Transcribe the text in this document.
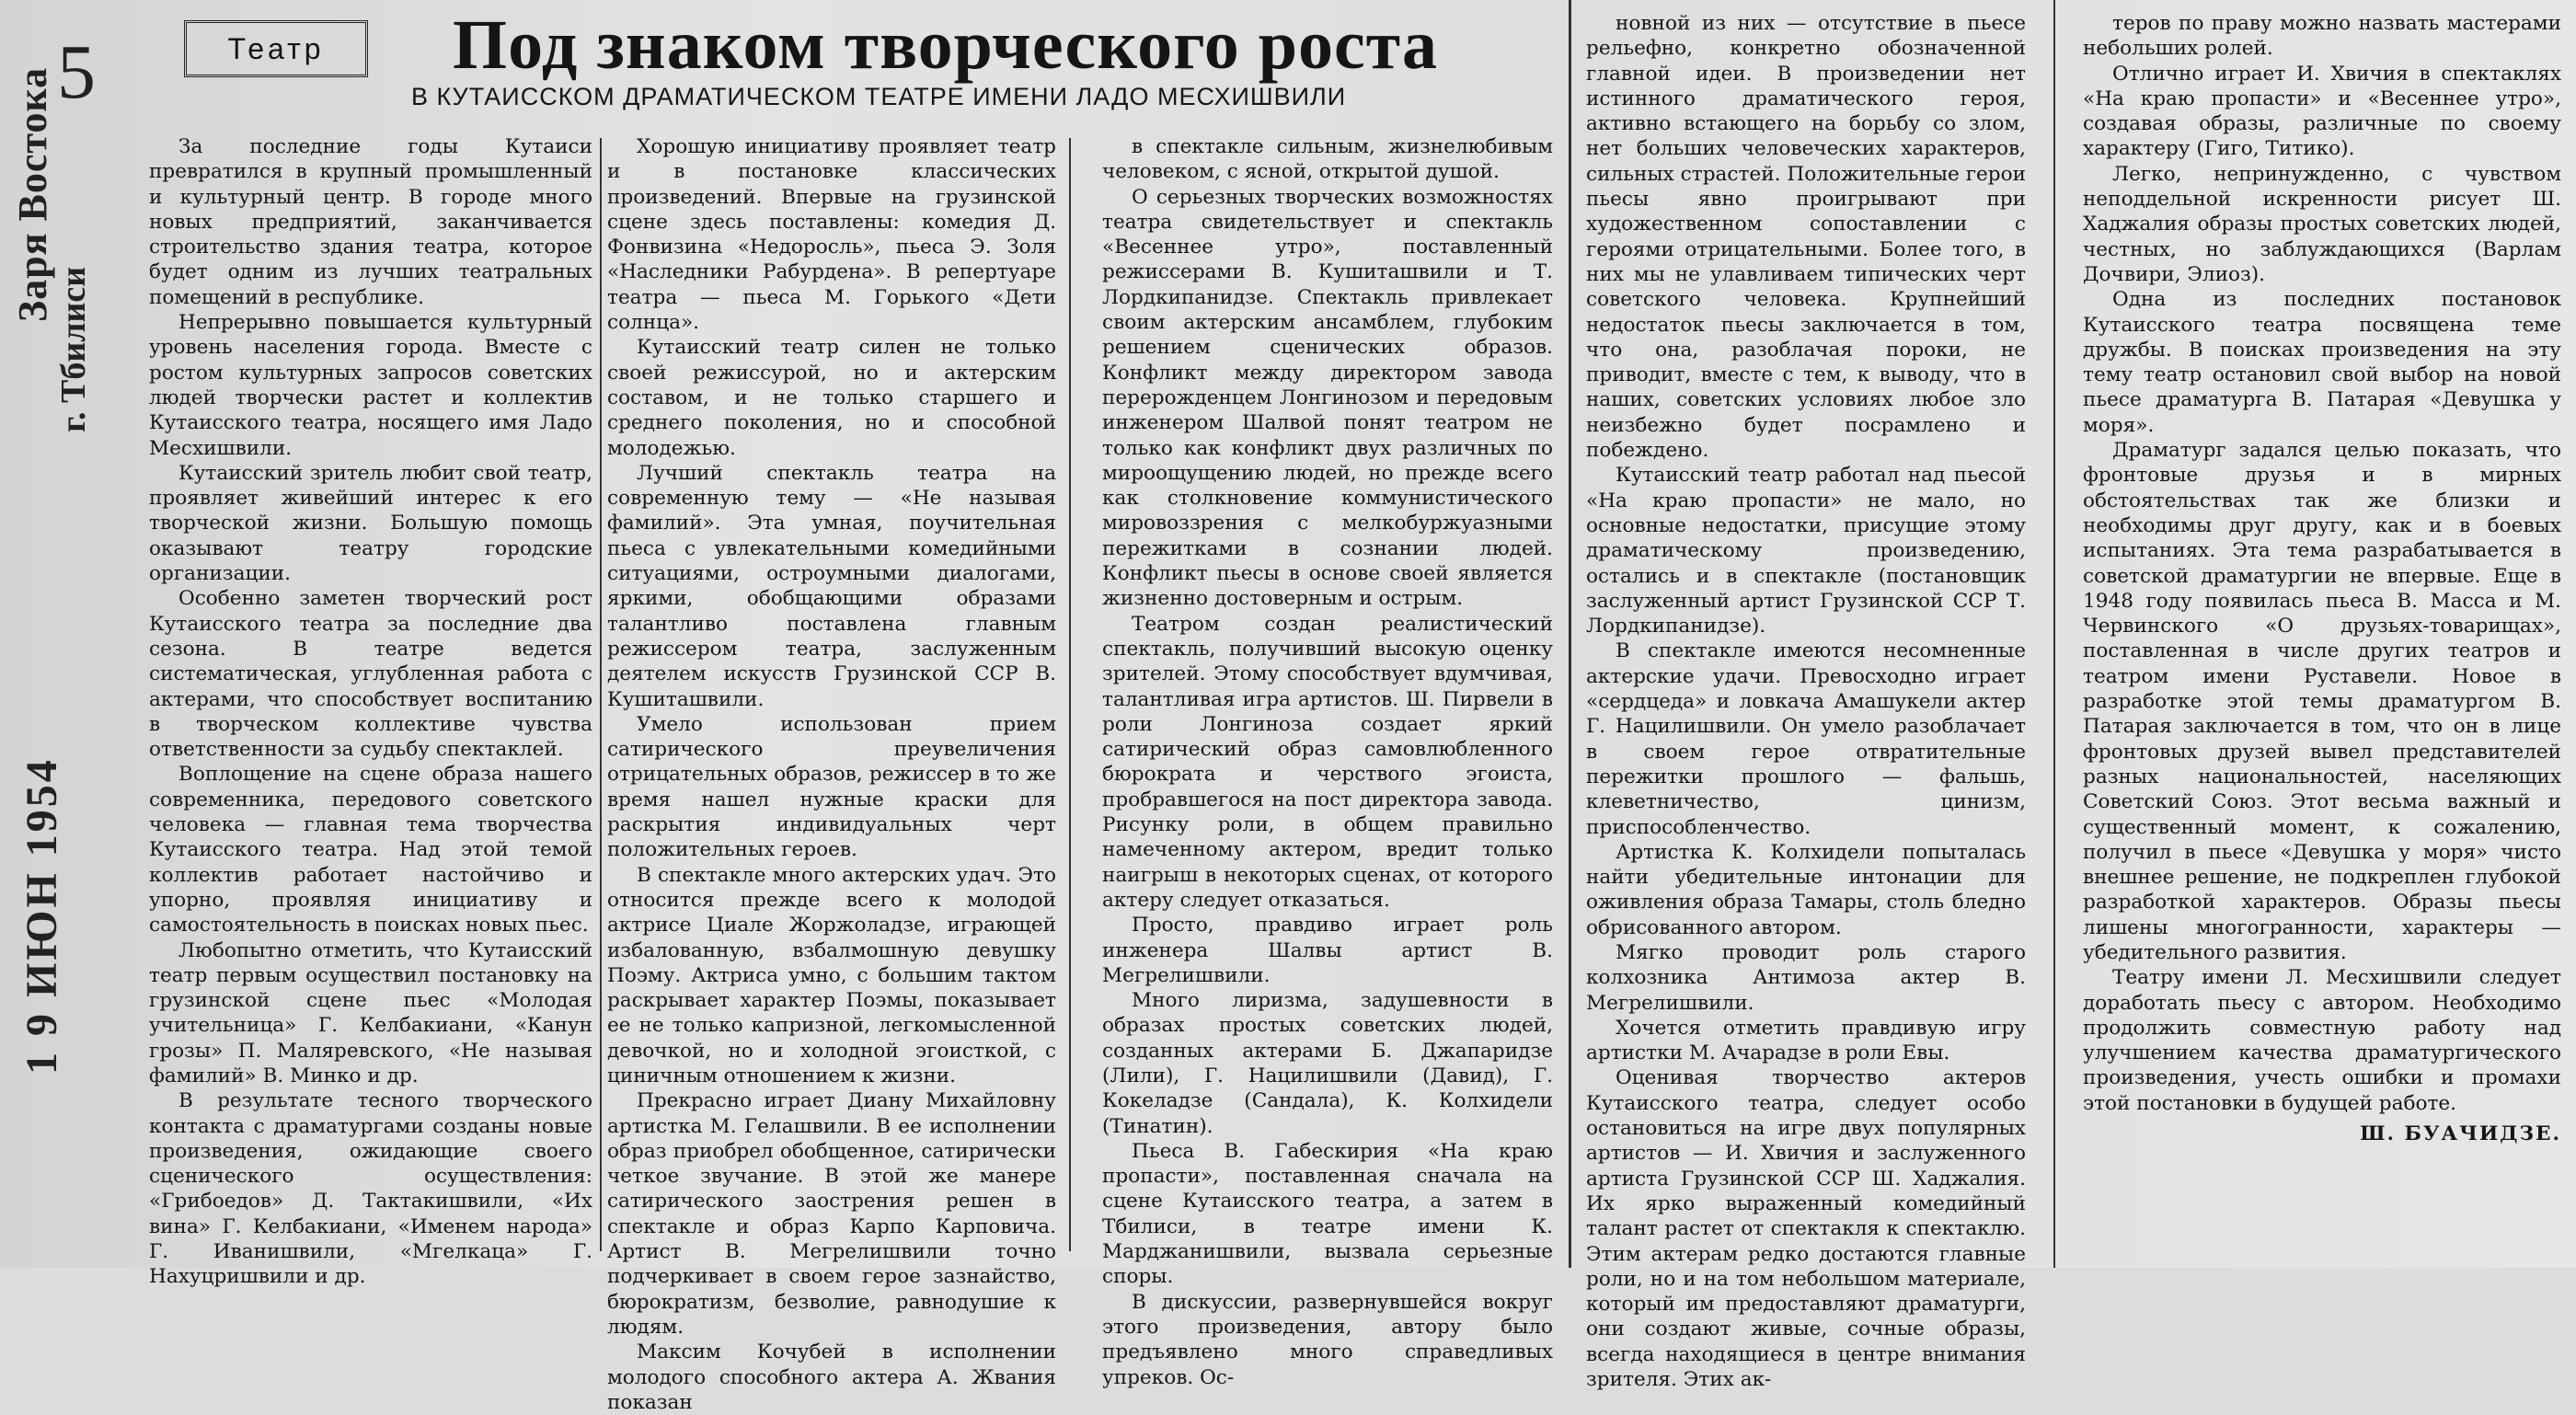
5
Заря Востока
г. Тбилиси
1 9 ИЮН 1954
Театр	Под знаком творческого роста
В КУТАИССКОМ ДРАМАТИЧЕСКОМ ТЕАТРЕ ИМЕНИ ЛАДО МЕСХИШВИЛИ

За последние годы Кутаиси превратился в крупный промышленный и культурный центр. В городе много новых предприятий, заканчивается строительство здания театра, которое будет одним из лучших театральных помещений в республике.

Непрерывно повышается культурный уровень населения города. Вместе с ростом культурных запросов советских людей творчески растет и коллектив Кутаисского театра, носящего имя Ладо Месхишвили.

Кутаисский зритель любит свой театр, проявляет живейший интерес к его творческой жизни. Большую помощь оказывают театру городские организации.

Особенно заметен творческий рост Кутаисского театра за последние два сезона. В театре ведется систематическая, углубленная работа с актерами, что способствует воспитанию в творческом коллективе чувства ответственности за судьбу спектаклей.

Воплощение на сцене образа нашего современника, передового советского человека — главная тема творчества Кутаисского театра. Над этой темой коллектив работает настойчиво и упорно, проявляя инициативу и самостоятельность в поисках новых пьес.

Любопытно отметить, что Кутаисский театр первым осуществил постановку на грузинской сцене пьес «Молодая учительница» Г. Келбакиани, «Канун грозы» П. Маляревского, «Не называя фамилий» В. Минко и др.

В результате тесного творческого контакта с драматургами созданы новые произведения, ожидающие своего сценического осуществления: «Грибоедов» Д. Тактакишвили, «Их вина» Г. Келбакиани, «Именем народа» Г. Иванишвили, «Мгелкаца» Г. Нахуцришвили и др.

Хорошую инициативу проявляет театр и в постановке классических произведений. Впервые на грузинской сцене здесь поставлены: комедия Д. Фонвизина «Недоросль», пьеса Э. Золя «Наследники Рабурдена». В репертуаре театра — пьеса М. Горького «Дети солнца».

Кутаисский театр силен не только своей режиссурой, но и актерским составом, и не только старшего и среднего поколения, но и способной молодежью.

Лучший спектакль театра на современную тему — «Не называя фамилий». Эта умная, поучительная пьеса с увлекательными комедийными ситуациями, остроумными диалогами, яркими, обобщающими образами талантливо поставлена главным режиссером театра, заслуженным деятелем искусств Грузинской ССР В. Кушиташвили.

Умело использован прием сатирического преувеличения отрицательных образов, режиссер в то же время нашел нужные краски для раскрытия индивидуальных черт положительных героев.

В спектакле много актерских удач. Это относится прежде всего к молодой актрисе Циале Жоржоладзе, играющей избалованную, взбалмошную девушку Поэму. Актриса умно, с большим тактом раскрывает характер Поэмы, показывает ее не только капризной, легкомысленной девочкой, но и холодной эгоисткой, с циничным отношением к жизни.

Прекрасно играет Диану Михайловну артистка М. Гелашвили. В ее исполнении образ приобрел обобщенное, сатирически четкое звучание. В этой же манере сатирического заострения решен в спектакле и образ Карпо Карповича. Артист В. Мегрелишвили точно подчеркивает в своем герое зазнайство, бюрократизм, безволие, равнодушие к людям.

Максим Кочубей в исполнении молодого способного актера А. Жвания показан

в спектакле сильным, жизнелюбивым человеком, с ясной, открытой душой.

О серьезных творческих возможностях театра свидетельствует и спектакль «Весеннее утро», поставленный режиссерами В. Кушиташвили и Т. Лордкипанидзе. Спектакль привлекает своим актерским ансамблем, глубоким решением сценических образов. Конфликт между директором завода перерожденцем Лонгинозом и передовым инженером Шалвой понят театром не только как конфликт двух различных по мироощущению людей, но прежде всего как столкновение коммунистического мировоззрения с мелкобуржуазными пережитками в сознании людей. Конфликт пьесы в основе своей является жизненно достоверным и острым.

Театром создан реалистический спектакль, получивший высокую оценку зрителей. Этому способствует вдумчивая, талантливая игра артистов. Ш. Пирвели в роли Лонгиноза создает яркий сатирический образ самовлюбленного бюрократа и черствого эгоиста, пробравшегося на пост директора завода. Рисунку роли, в общем правильно намеченному актером, вредит только наигрыш в некоторых сценах, от которого актеру следует отказаться.

Просто, правдиво играет роль инженера Шалвы артист В. Мегрелишвили.

Много лиризма, задушевности в образах простых советских людей, созданных актерами Б. Джапаридзе (Лили), Г. Нацилишвили (Давид), Г. Кокеладзе (Сандала), К. Колхидели (Тинатин).

Пьеса В. Габескирия «На краю пропасти», поставленная сначала на сцене Кутаисского театра, а затем в Тбилиси, в театре имени К. Марджанишвили, вызвала серьезные споры.

В дискуссии, развернувшейся вокруг этого произведения, автору было предъявлено много справедливых упреков. Ос-

новной из них — отсутствие в пьесе рельефно, конкретно обозначенной главной идеи. В произведении нет истинного драматического героя, активно встающего на борьбу со злом, нет больших человеческих характеров, сильных страстей. Положительные герои пьесы явно проигрывают при художественном сопоставлении с героями отрицательными. Более того, в них мы не улавливаем типических черт советского человека. Крупнейший недостаток пьесы заключается в том, что она, разоблачая пороки, не приводит, вместе с тем, к выводу, что в наших, советских условиях любое зло неизбежно будет посрамлено и побеждено.

Кутаисский театр работал над пьесой «На краю пропасти» не мало, но основные недостатки, присущие этому драматическому произведению, остались и в спектакле (постановщик заслуженный артист Грузинской ССР Т. Лордкипанидзе).

В спектакле имеются несомненные актерские удачи. Превосходно играет «сердцеда» и ловкача Амашукели актер Г. Нацилишвили. Он умело разоблачает в своем герое отвратительные пережитки прошлого — фальшь, клеветничество, цинизм, приспособленчество.

Артистка К. Колхидели попыталась найти убедительные интонации для оживления образа Тамары, столь бледно обрисованного автором.

Мягко проводит роль старого колхозника Антимоза актер В. Мегрелишвили.

Хочется отметить правдивую игру артистки М. Ачарадзе в роли Евы.

Оценивая творчество актеров Кутаисского театра, следует особо остановиться на игре двух популярных артистов — И. Хвичия и заслуженного артиста Грузинской ССР Ш. Хаджалия. Их ярко выраженный комедийный талант растет от спектакля к спектаклю. Этим актерам редко достаются главные роли, но и на том небольшом материале, который им предоставляют драматурги, они создают живые, сочные образы, всегда находящиеся в центре внимания зрителя. Этих ак-

теров по праву можно назвать мастерами небольших ролей.

Отлично играет И. Хвичия в спектаклях «На краю пропасти» и «Весеннее утро», создавая образы, различные по своему характеру (Гиго, Титико).

Легко, непринужденно, с чувством неподдельной искренности рисует Ш. Хаджалия образы простых советских людей, честных, но заблуждающихся (Варлам Дочвири, Элиоз).

Одна из последних постановок Кутаисского театра посвящена теме дружбы. В поисках произведения на эту тему театр остановил свой выбор на новой пьесе драматурга В. Патарая «Девушка у моря».

Драматург задался целью показать, что фронтовые друзья и в мирных обстоятельствах так же близки и необходимы друг другу, как и в боевых испытаниях. Эта тема разрабатывается в советской драматургии не впервые. Еще в 1948 году появилась пьеса В. Масса и М. Червинского «О друзьях-товарищах», поставленная в числе других театров и театром имени Руставели. Новое в разработке этой темы драматургом В. Патарая заключается в том, что он в лице фронтовых друзей вывел представителей разных национальностей, населяющих Советский Союз. Этот весьма важный и существенный момент, к сожалению, получил в пьесе «Девушка у моря» чисто внешнее решение, не подкреплен глубокой разработкой характеров. Образы пьесы лишены многогранности, характеры — убедительного развития.

Театру имени Л. Месхишвили следует доработать пьесу с автором. Необходимо продолжить совместную работу над улучшением качества драматургического произведения, учесть ошибки и промахи этой постановки в будущей работе.

Ш. БУАЧИДЗЕ.
